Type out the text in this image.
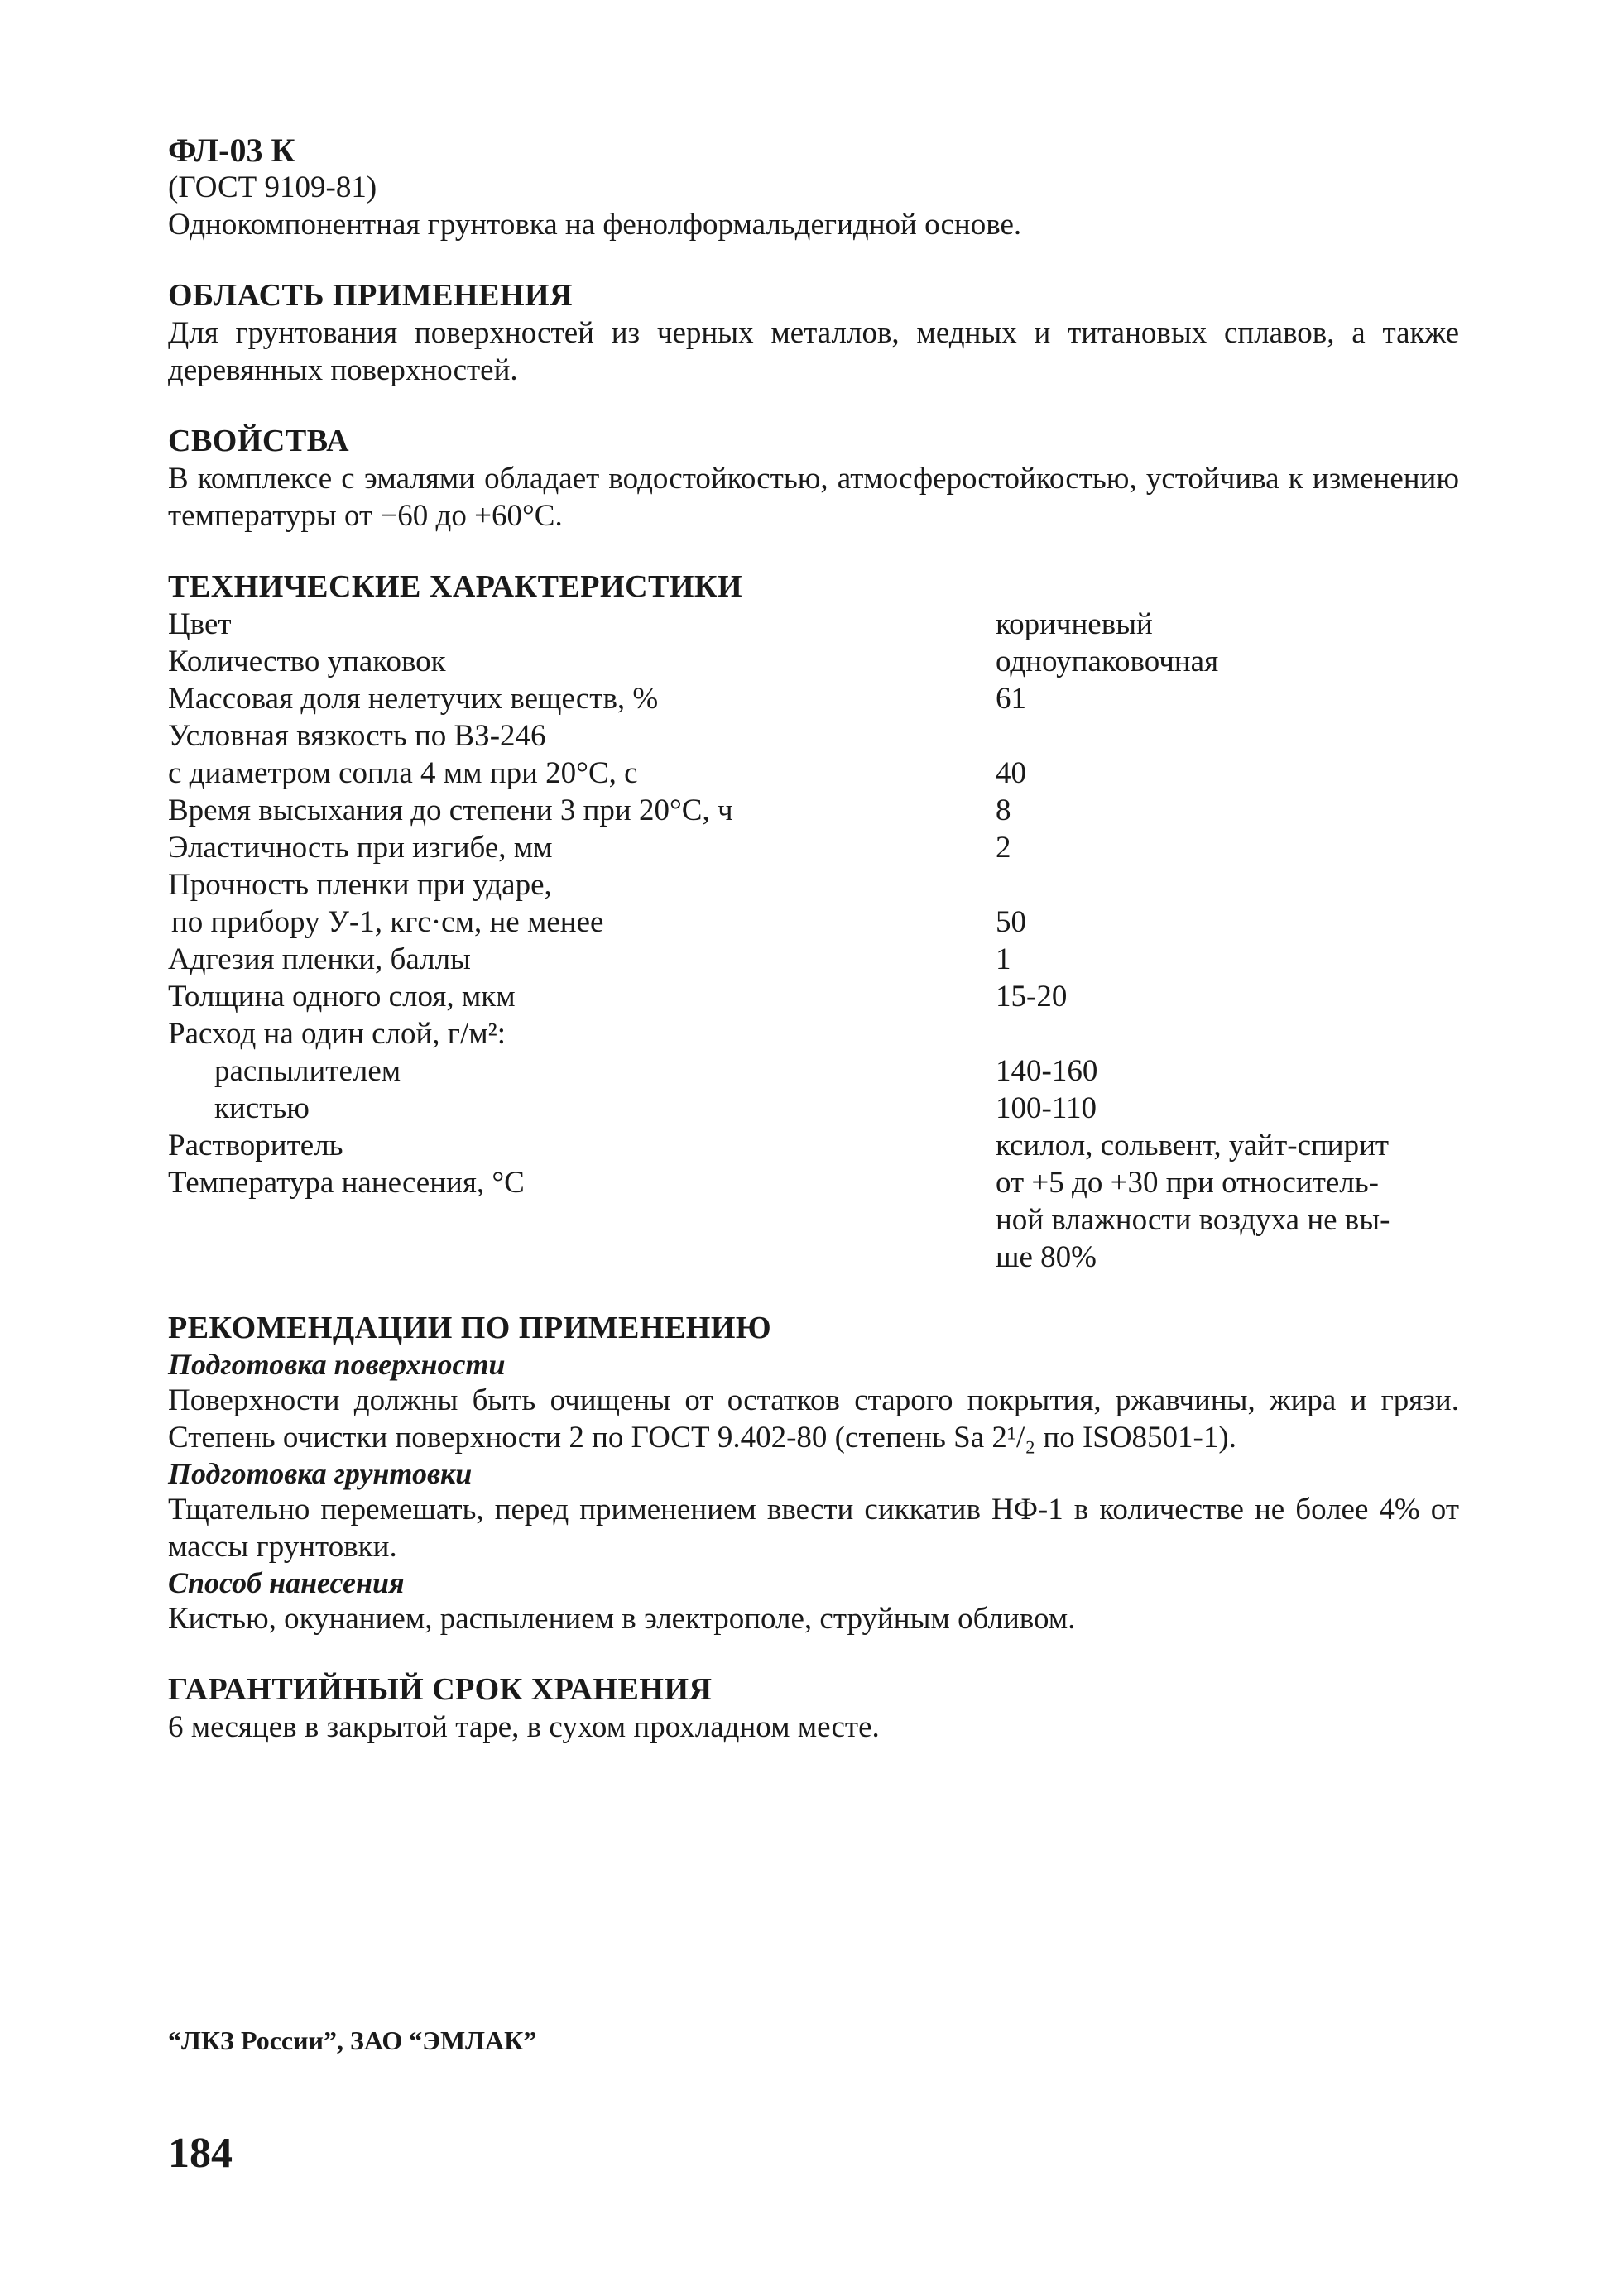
ФЛ-03 К

(ГОСТ 9109-81)

Однокомпонентная грунтовка на фенолформальдегидной основе.

ОБЛАСТЬ ПРИМЕНЕНИЯ

Для грунтования поверхностей из черных металлов, медных и титановых сплавов, а также деревянных поверхностей.

СВОЙСТВА

В комплексе с эмалями обладает водостойкостью, атмосферостойкостью, устойчива к изменению температуры от −60 до +60°С.

ТЕХНИЧЕСКИЕ ХАРАКТЕРИСТИКИ
Цвет	коричневый
Количество упаковок	одноупаковочная
Массовая доля нелетучих веществ, %	61
Условная вязкость по ВЗ-246
с диаметром сопла 4 мм при 20°С, с	40
Время высыхания до степени 3 при 20°С, ч	8
Эластичность при изгибе, мм	2
Прочность пленки при ударе,
по прибору У-1, кгс·см, не менее	50
Адгезия пленки, баллы	1
Толщина одного слоя, мкм	15-20
Расход на один слой, г/м²:
распылителем	140-160
кистью	100-110
Растворитель	ксилол, сольвент, уайт-спирит
Температура нанесения, °С	от +5 до +30 при относитель-
ной влажности воздуха не вы-
ше 80%
РЕКОМЕНДАЦИИ ПО ПРИМЕНЕНИЮ

Подготовка поверхности

Поверхности должны быть очищены от остатков старого покрытия, ржавчины, жира и грязи. Степень очистки поверхности 2 по ГОСТ 9.402-80 (степень Sa 2¹/₂ по ISO8501-1).

Подготовка грунтовки

Тщательно перемешать, перед применением ввести сиккатив НФ-1 в количестве не более 4% от массы грунтовки.

Способ нанесения

Кистью, окунанием, распылением в электрополе, струйным обливом.

ГАРАНТИЙНЫЙ СРОК ХРАНЕНИЯ

6 месяцев в закрытой таре, в сухом прохладном месте.

“ЛКЗ России”, ЗАО “ЭМЛАК”
184
